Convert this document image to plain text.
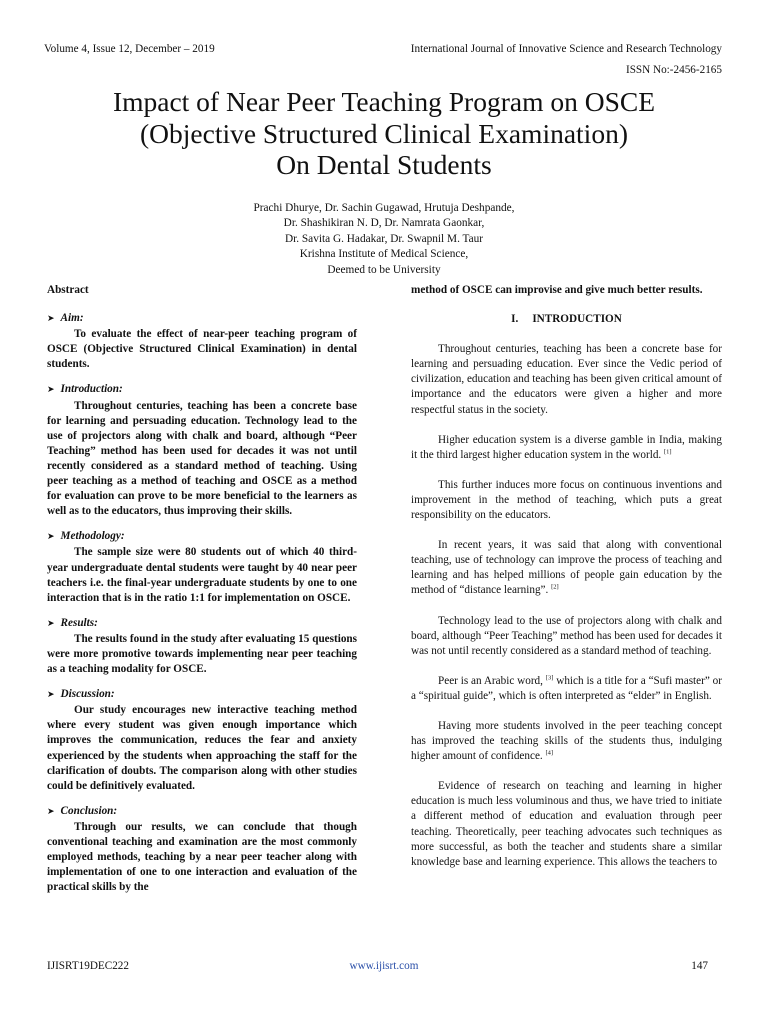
Volume 4, Issue 12, December – 2019	International Journal of Innovative Science and Research Technology
ISSN No:-2456-2165
Impact of Near Peer Teaching Program on OSCE
(Objective Structured Clinical Examination)
On Dental Students
Prachi Dhurye, Dr. Sachin Gugawad, Hrutuja Deshpande,
Dr. Shashikiran N. D, Dr. Namrata Gaonkar,
Dr. Savita G. Hadakar, Dr. Swapnil M. Taur
Krishna Institute of Medical Science,
Deemed to be University

Abstract

➤ Aim:

To evaluate the effect of near-peer teaching program of OSCE (Objective Structured Clinical Examination) in dental students.

➤ Introduction:

Throughout centuries, teaching has been a concrete base for learning and persuading education. Technology lead to the use of projectors along with chalk and board, although “Peer Teaching” method has been used for decades it was not until recently considered as a standard method of teaching. Using peer teaching as a method of teaching and OSCE as a method for evaluation can prove to be more beneficial to the learners as well as to the educators, thus improving their skills.

➤ Methodology:

The sample size were 80 students out of which 40 third-year undergraduate dental students were taught by 40 near peer teachers i.e. the final-year undergraduate students by one to one interaction that is in the ratio 1:1 for implementation on OSCE.

➤ Results:

The results found in the study after evaluating 15 questions were more promotive towards implementing near peer teaching as a teaching modality for OSCE.

➤ Discussion:

Our study encourages new interactive teaching method where every student was given enough importance which improves the communication, reduces the fear and anxiety experienced by the students when approaching the staff for the clarification of doubts. The comparison along with other studies could be definitively evaluated.

➤ Conclusion:

Through our results, we can conclude that though conventional teaching and examination are the most commonly employed methods, teaching by a near peer teacher along with implementation of one to one interaction and evaluation of the practical skills by the

method of OSCE can improvise and give much better results.

I. INTRODUCTION

Throughout centuries, teaching has been a concrete base for learning and persuading education. Ever since the Vedic period of civilization, education and teaching has been given critical amount of importance and the educators were given a higher and more respectful status in the society.

Higher education system is a diverse gamble in India, making it the third largest higher education system in the world. [1]

This further induces more focus on continuous inventions and improvement in the method of teaching, which puts a great responsibility on the educators.

In recent years, it was said that along with conventional teaching, use of technology can improve the process of teaching and learning and has helped millions of people gain education by the method of “distance learning”. [2]

Technology lead to the use of projectors along with chalk and board, although “Peer Teaching” method has been used for decades it was not until recently considered as a standard method of teaching.

Peer is an Arabic word, [3] which is a title for a “Sufi master” or a “spiritual guide”, which is often interpreted as “elder” in English.

Having more students involved in the peer teaching concept has improved the teaching skills of the students thus, indulging higher amount of confidence. [4]

Evidence of research on teaching and learning in higher education is much less voluminous and thus, we have tried to initiate a different method of education and evaluation through peer teaching. Theoretically, peer teaching advocates such techniques as more successful, as both the teacher and students share a similar knowledge base and learning experience. This allows the teachers to

IJISRT19DEC222	www.ijisrt.com	147
